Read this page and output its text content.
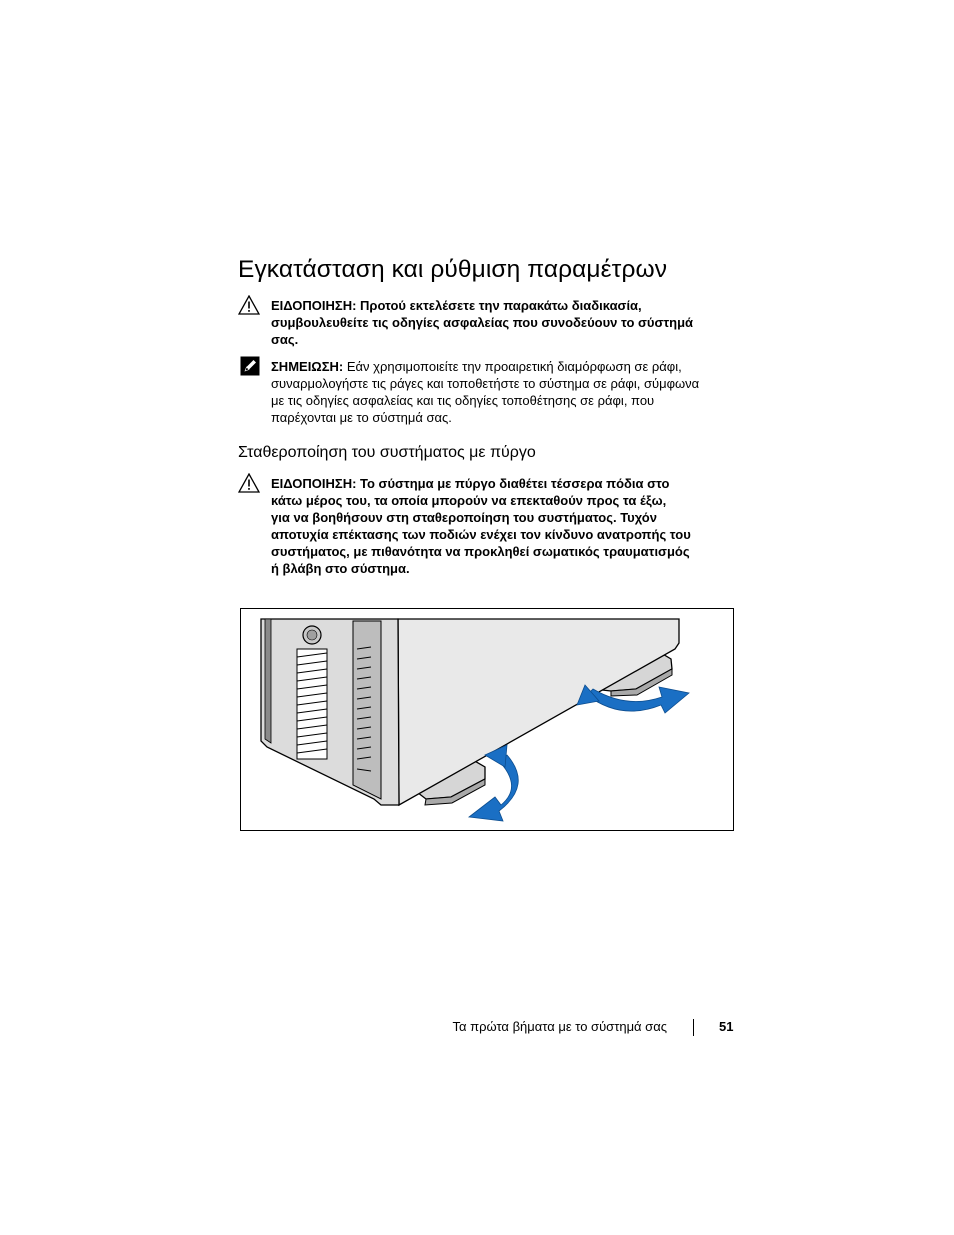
Εγκατάσταση και ρύθμιση παραμέτρων
ΕΙΔΟΠΟΙΗΣΗ: Προτού εκτελέσετε την παρακάτω διαδικασία,
συμβουλευθείτε τις οδηγίες ασφαλείας που συνοδεύουν το σύστημά
σας.
ΣΗΜΕΙΩΣΗ: Εάν χρησιμοποιείτε την προαιρετική διαμόρφωση σε ράφι,
συναρμολογήστε τις ράγες και τοποθετήστε το σύστημα σε ράφι, σύμφωνα
με τις οδηγίες ασφαλείας και τις οδηγίες τοποθέτησης σε ράφι, που
παρέχονται με το σύστημά σας.
Σταθεροποίηση του συστήματος με πύργο
ΕΙΔΟΠΟΙΗΣΗ: Το σύστημα με πύργο διαθέτει τέσσερα πόδια στο
κάτω μέρος του, τα οποία μπορούν να επεκταθούν προς τα έξω,
για να βοηθήσουν στη σταθεροποίηση του συστήματος. Τυχόν
αποτυχία επέκτασης των ποδιών ενέχει τον κίνδυνο ανατροπής του
συστήματος, με πιθανότητα να προκληθεί σωματικός τραυματισμός
ή βλάβη στο σύστημα.
Τα πρώτα βήματα με το σύστημά σας	51
